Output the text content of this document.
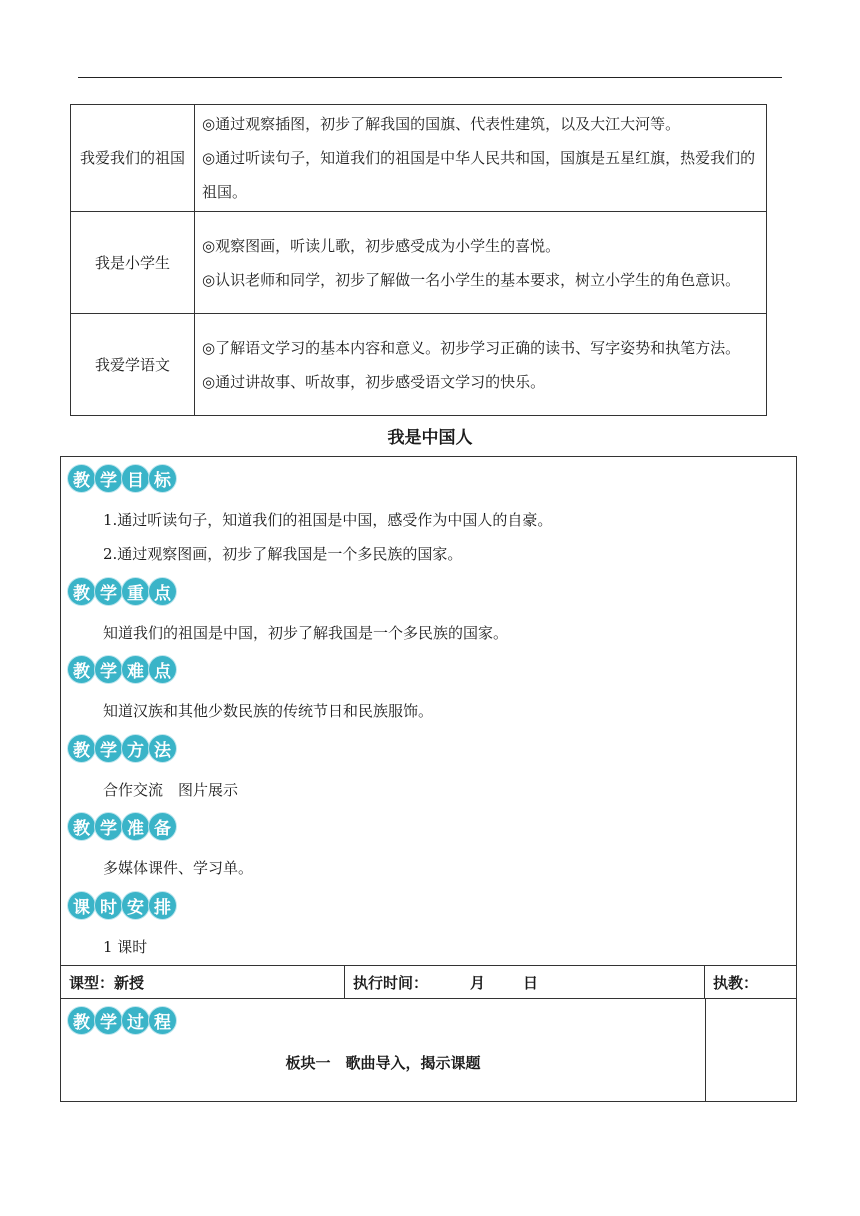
我爱我们的祖国	◎通过观察插图，初步了解我国的国旗、代表性建筑，以及大江大河等。
◎通过听读句子，知道我们的祖国是中华人民共和国，国旗是五星红旗，热爱我们的祖国。

我是小学生	◎观察图画，听读儿歌，初步感受成为小学生的喜悦。
◎认识老师和同学，初步了解做一名小学生的基本要求，树立小学生的角色意识。

我爱学语文	◎了解语文学习的基本内容和意义。初步学习正确的读书、写字姿势和执笔方法。
◎通过讲故事、听故事，初步感受语文学习的快乐。
我是中国人
教 学 目 标
1.通过听读句子，知道我们的祖国是中国，感受作为中国人的自豪。
2.通过观察图画，初步了解我国是一个多民族的国家。
教 学 重 点
知道我们的祖国是中国，初步了解我国是一个多民族的国家。
教 学 难 点
知道汉族和其他少数民族的传统节日和民族服饰。
教 学 方 法
合作交流　图片展示
教 学 准 备
多媒体课件、学习单。
课 时 安 排
1 课时
课型：新授	执行时间：	月	日	执教：
教 学 过 程
板块一　歌曲导入，揭示课题
